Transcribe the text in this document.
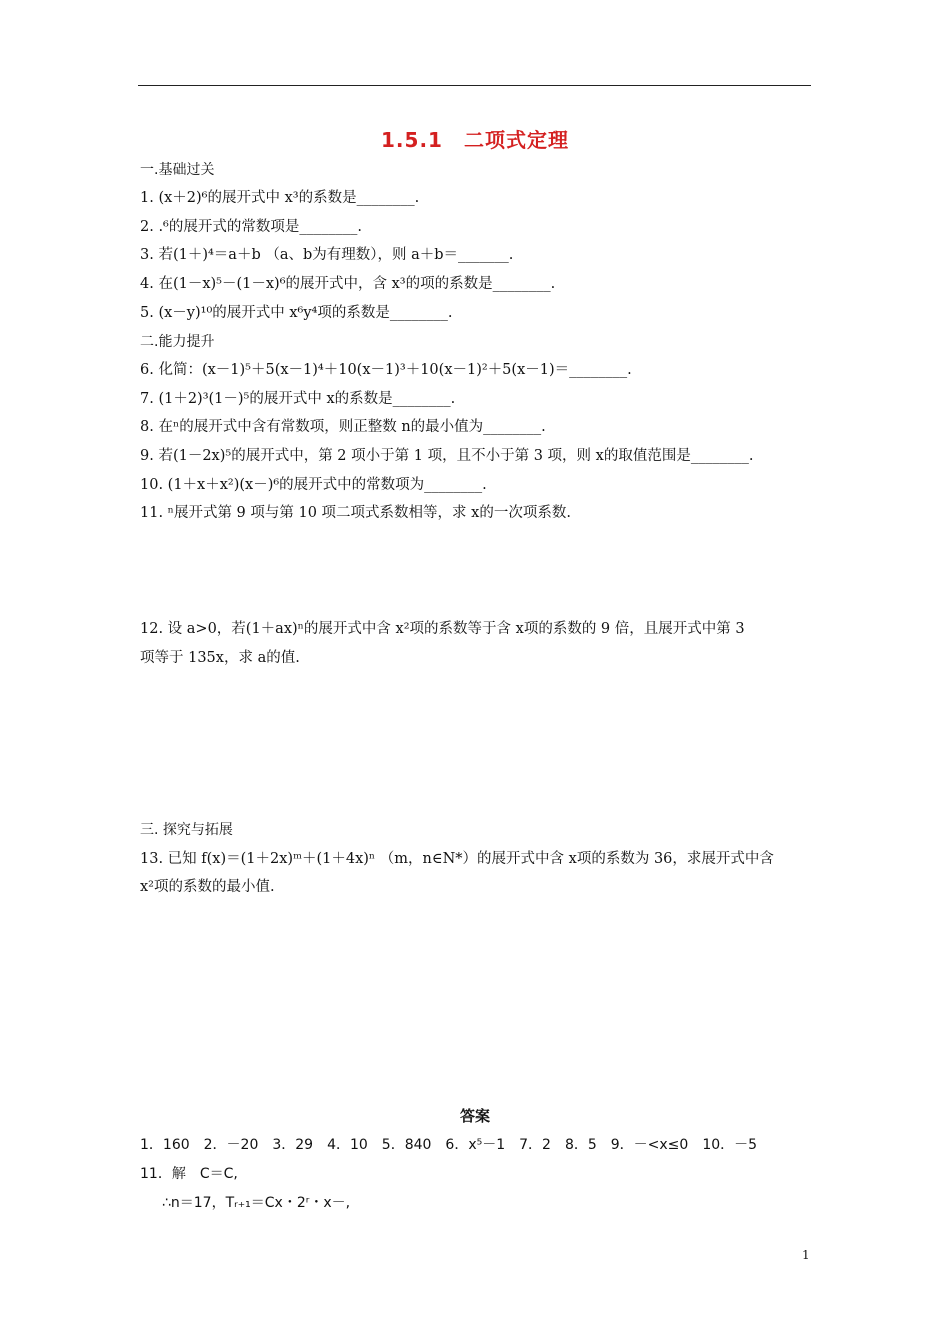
1.5.1　二项式定理
一.基础过关
1. (x＋2)⁶的展开式中 x³的系数是________.
2. .⁶的展开式的常数项是________.
3. 若(1＋)⁴＝a＋b （a、b为有理数），则 a＋b＝_______.
4. 在(1－x)⁵－(1－x)⁶的展开式中，含 x³的项的系数是________.
5. (x－y)¹⁰的展开式中 x⁶y⁴项的系数是________.
二.能力提升
6. 化简：(x－1)⁵＋5(x－1)⁴＋10(x－1)³＋10(x－1)²＋5(x－1)＝________.
7. (1＋2)³(1－)⁵的展开式中 x的系数是________.
8. 在ⁿ的展开式中含有常数项，则正整数 n的最小值为________.
9. 若(1－2x)⁵的展开式中，第 2 项小于第 1 项，且不小于第 3 项，则 x的取值范围是________.
10. (1＋x＋x²)(x－)⁶的展开式中的常数项为________.
11. ⁿ展开式第 9 项与第 10 项二项式系数相等，求 x的一次项系数.
12. 设 a>0，若(1＋ax)ⁿ的展开式中含 x²项的系数等于含 x项的系数的 9 倍，且展开式中第 3
项等于 135x，求 a的值.
三. 探究与拓展
13. 已知 f(x)＝(1＋2x)ᵐ＋(1＋4x)ⁿ （m，n∈N*）的展开式中含 x项的系数为 36，求展开式中含
x²项的系数的最小值.
答案
1．160　2．－20　3．29　4．10　5．840　6．x⁵－1　7．2　8．5　9．－<x≤0　10．－5
11．解　C＝C,
∴n＝17，Tᵣ₊₁＝Cx・2ʳ・x－,
1
